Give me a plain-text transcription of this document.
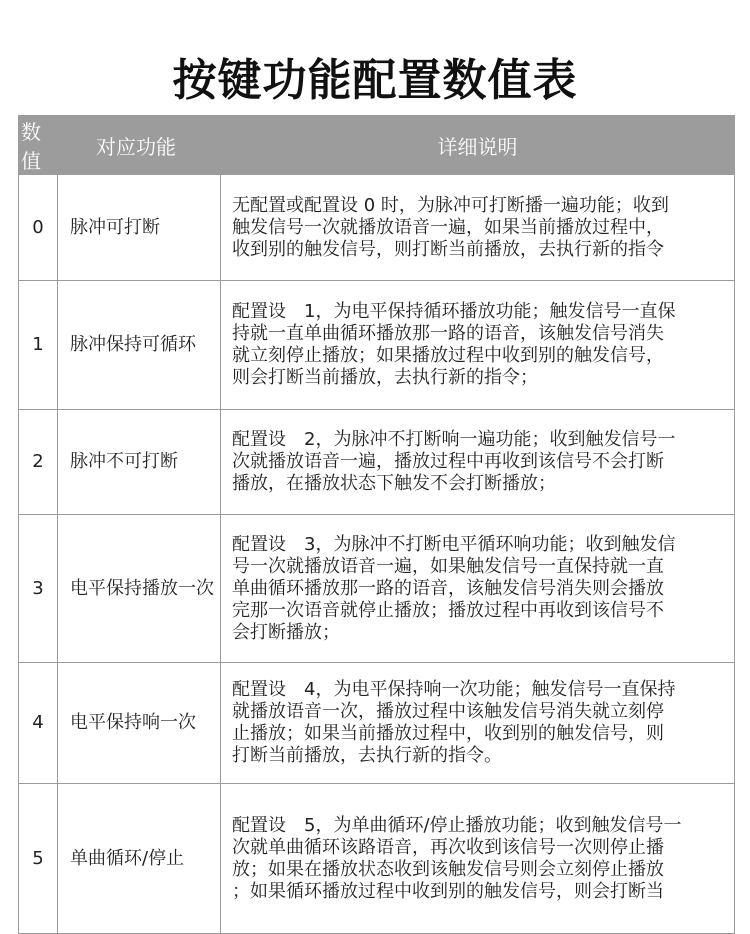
按键功能配置数值表
数值	对应功能	详细说明
0	脉冲可打断	无配置或配置设 0 时，为脉冲可打断播一遍功能；收到
触发信号一次就播放语音一遍，如果当前播放过程中，
收到别的触发信号，则打断当前播放，去执行新的指令

1	脉冲保持可循环	配置设　1，为电平保持循环播放功能；触发信号一直保
持就一直单曲循环播放那一路的语音，该触发信号消失
就立刻停止播放；如果播放过程中收到别的触发信号，
则会打断当前播放，去执行新的指令；

2	脉冲不可打断	配置设　2，为脉冲不打断响一遍功能；收到触发信号一
次就播放语音一遍，播放过程中再收到该信号不会打断
播放，在播放状态下触发不会打断播放；

3	电平保持播放一次	配置设　3，为脉冲不打断电平循环响功能；收到触发信
号一次就播放语音一遍，如果触发信号一直保持就一直
单曲循环播放那一路的语音，该触发信号消失则会播放
完那一次语音就停止播放；播放过程中再收到该信号不
会打断播放；

4	电平保持响一次	配置设　4，为电平保持响一次功能；触发信号一直保持
就播放语音一次，播放过程中该触发信号消失就立刻停
止播放；如果当前播放过程中，收到别的触发信号，则
打断当前播放，去执行新的指令。

5	单曲循环/停止	配置设　5，为单曲循环/停止播放功能；收到触发信号一
次就单曲循环该路语音，再次收到该信号一次则停止播
放；如果在播放状态收到该触发信号则会立刻停止播放
；如果循环播放过程中收到别的触发信号，则会打断当
